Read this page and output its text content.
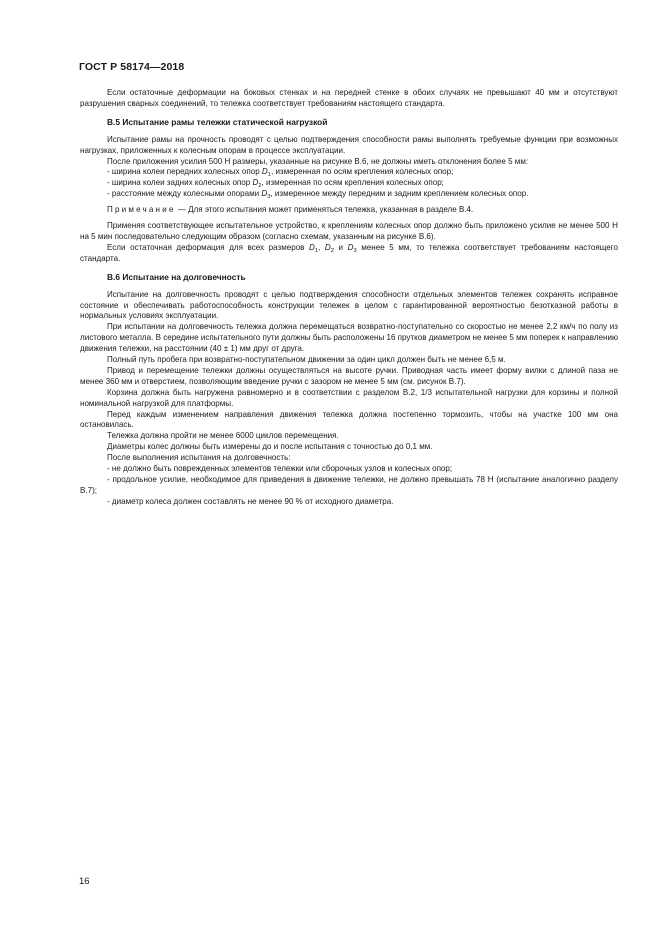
ГОСТ Р 58174—2018

Если остаточные деформации на боковых стенках и на передней стенке в обоих случаях не превышают 40 мм и отсутствуют разрушения сварных соединений, то тележка соответствует требованиям настоящего стандарта.

В.5 Испытание рамы тележки статической нагрузкой

Испытание рамы на прочность проводят с целью подтверждения способности рамы выполнять требуемые функции при возможных нагрузках, приложенных к колесным опорам в процессе эксплуатации.

После приложения усилия 500 Н размеры, указанные на рисунке В.6, не должны иметь отклонения более 5 мм:

- ширина колеи передних колесных опор $D_1$, измеренная по осям крепления колесных опор;

- ширина колеи задних колесных опор $D_2$, измеренная по осям крепления колесных опор;

- расстояние между колесными опорами $D_3$, измеренное между передним и задним креплением колесных опор.

Примечание — Для этого испытания может применяться тележка, указанная в разделе В.4.

Применяя соответствующее испытательное устройство, к креплениям колесных опор должно быть приложено усилие не менее 500 Н на 5 мин последовательно следующим образом (согласно схемам, указанным на рисунке В.6).

Если остаточная деформация для всех размеров $D_1$, $D_2$ и $D_3$ менее 5 мм, то тележка соответствует требованиям настоящего стандарта.

В.6 Испытание на долговечность

Испытание на долговечность проводят с целью подтверждения способности отдельных элементов тележек сохранять исправное состояние и обеспечивать работоспособность конструкции тележек в целом с гарантированной вероятностью безотказной работы в нормальных условиях эксплуатации.

При испытании на долговечность тележка должна перемещаться возвратно-поступательно со скоростью не менее 2,2 км/ч по полу из листового металла. В середине испытательного пути должны быть расположены 16 прутков диаметром не менее 5 мм поперек к направлению движения тележки, на расстоянии (40 ± 1) мм друг от друга.

Полный путь пробега при возвратно-поступательном движении за один цикл должен быть не менее 6,5 м.

Привод и перемещение тележки должны осуществляться на высоте ручки. Приводная часть имеет форму вилки с длиной паза не менее 360 мм и отверстием, позволяющим введение ручки с зазором не менее 5 мм (см. рисунок В.7).

Корзина должна быть нагружена равномерно и в соответствии с разделом В.2, 1/3 испытательной нагрузки для корзины и полной номинальной нагрузкой для платформы.

Перед каждым изменением направления движения тележка должна постепенно тормозить, чтобы на участке 100 мм она остановилась.

Тележка должна пройти не менее 6000 циклов перемещения.

Диаметры колес должны быть измерены до и после испытания с точностью до 0,1 мм.

После выполнения испытания на долговечность:

- не должно быть поврежденных элементов тележки или сборочных узлов и колесных опор;

- продольное усилие, необходимое для приведения в движение тележки, не должно превышать 78 Н (испытание аналогично разделу В.7);

- диаметр колеса должен составлять не менее 90 % от исходного диаметра.

16
